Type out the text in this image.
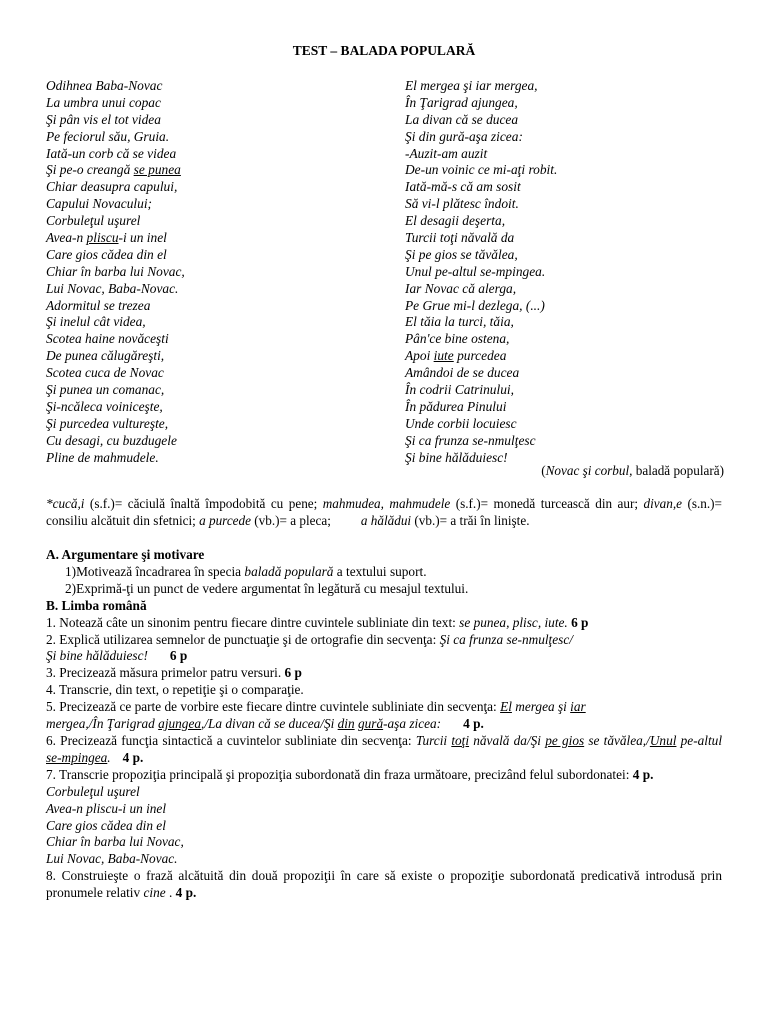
TEST – BALADA POPULARĂ
Odihnea Baba-Novac
La umbra unui copac
Şi pân vis el tot videa
Pe feciorul său, Gruia.
Iată-un corb că se videa
Şi pe-o creangă se punea
Chiar deasupra capului,
Capului Novacului;
Corbuleţul uşurel
Avea-n pliscu-i un inel
Care gios cădea din el
Chiar în barba lui Novac,
Lui Novac, Baba-Novac.
Adormitul se trezea
Şi inelul cât videa,
Scotea haine novăceşti
De punea călugăreşti,
Scotea cuca de Novac
Şi punea un comanac,
Şi-ncăleca voiniceşte,
Şi purcedea vultureşte,
Cu desagi, cu buzdugele
Pline de mahmudele.
El mergea şi iar mergea,
În Ţarigrad ajungea,
La divan că se ducea
Şi din gură-aşa zicea:
-Auzit-am auzit
De-un voinic ce mi-aţi robit.
Iată-mă-s că am sosit
Să vi-l plătesc îndoit.
El desagii deşerta,
Turcii toţi năvală da
Şi pe gios se tăvălea,
Unul pe-altul se-mpingea.
Iar Novac că alerga,
Pe Grue mi-l dezlega, (...)
El tăia la turci, tăia,
Pân'ce bine ostena,
Apoi iute purcedea
Amândoi de se ducea
În codrii Catrinului,
În pădurea Pinului
Unde corbii locuiesc
Şi ca frunza se-nmulţesc
Şi bine hălăduiesc!
(Novac şi corbul, baladă populară)
*cucă,i (s.f.)= căciulă înaltă împodobită cu pene; mahmudea, mahmudele (s.f.)= monedă turcească din aur; divan,e (s.n.)= consiliu alcătuit din sfetnici; a purcede (vb.)= a pleca; a hălădui (vb.)= a trăi în linişte.
A. Argumentare şi motivare
1)Motivează încadrarea în specia baladă populară a textului suport.
2)Exprimă-ţi un punct de vedere argumentat în legătură cu mesajul textului.
B. Limba română
1. Notează câte un sinonim pentru fiecare dintre cuvintele subliniate din text: se punea, plisc, iute. 6 p
2. Explică utilizarea semnelor de punctuaţie şi de ortografie din secvenţa: Şi ca frunza se-nmulţesc/
Şi bine hălăduiesc! 6 p
3. Precizează măsura primelor patru versuri. 6 p
4. Transcrie, din text, o repetiţie şi o comparaţie.
5. Precizează ce parte de vorbire este fiecare dintre cuvintele subliniate din secvenţa: El mergea şi iar
mergea,/În Ţarigrad ajungea,/La divan că se ducea/Şi din gură-aşa zicea: 4 p.
6. Precizează funcţia sintactică a cuvintelor subliniate din secvenţa: Turcii toţi năvală da/Şi pe gios se tăvălea,/Unul pe-altul se-mpingea. 4 p.
7. Transcrie propoziţia principală şi propoziţia subordonată din fraza următoare, precizând felul subordonatei: 4 p.
Corbuleţul uşurel
Avea-n pliscu-i un inel
Care gios cădea din el
Chiar în barba lui Novac,
Lui Novac, Baba-Novac.
8. Construieşte o frază alcătuită din două propoziţii în care să existe o propoziţie subordonată predicativă introdusă prin pronumele relativ cine . 4 p.
